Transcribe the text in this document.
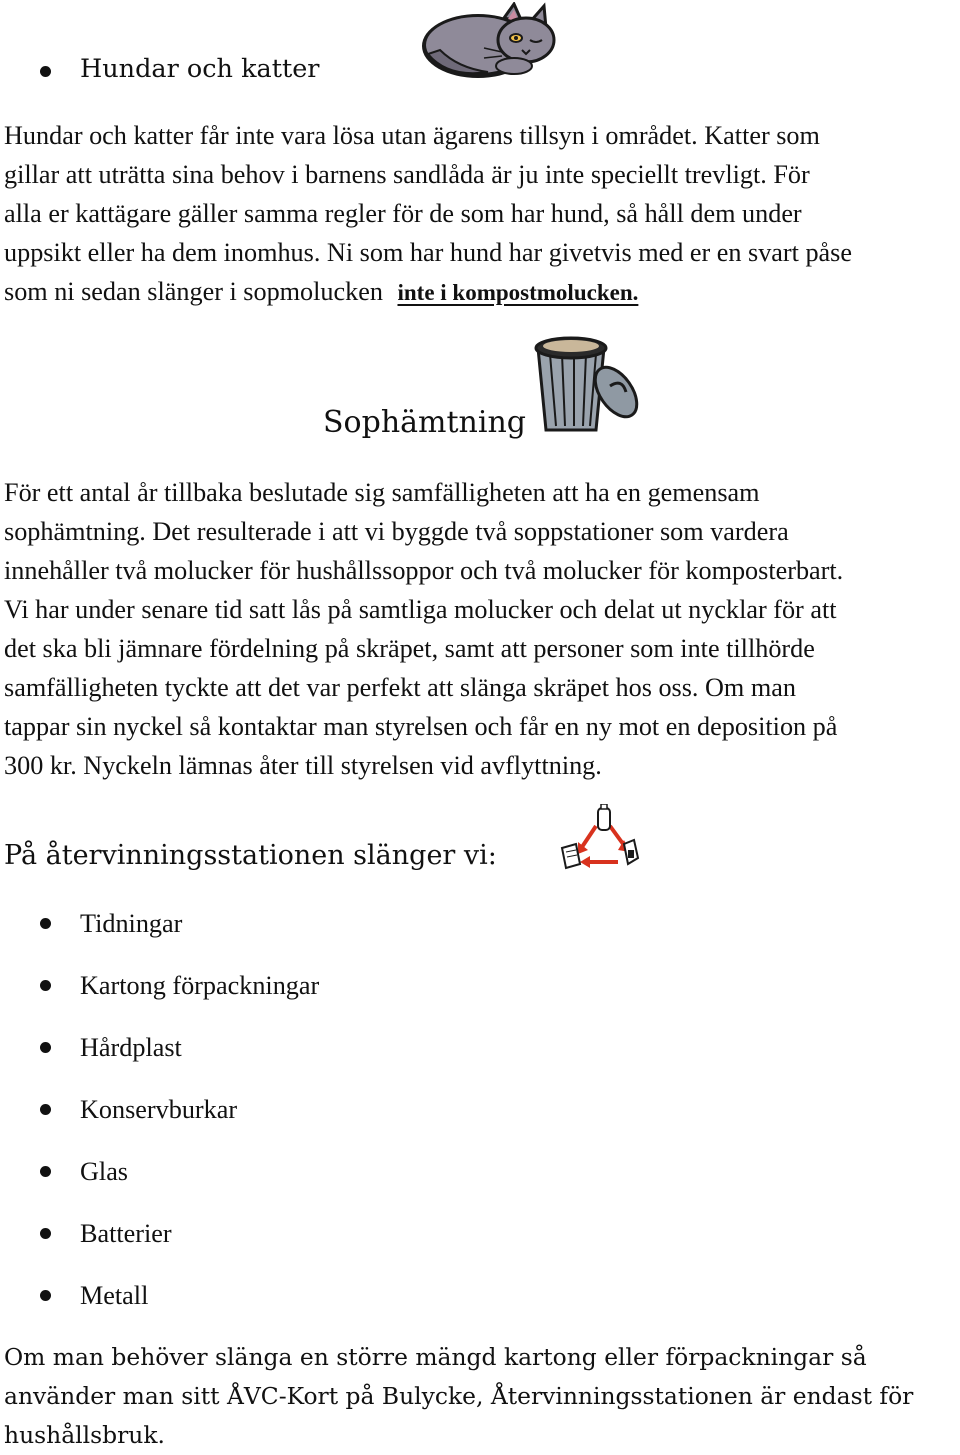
Hundar och katter
Hundar och katter får inte vara lösa utan ägarens tillsyn i området. Katter som
gillar att uträtta sina behov i barnens sandlåda är ju inte speciellt trevligt. För
alla er kattägare gäller samma regler för de som har hund, så håll dem under
uppsikt eller ha dem inomhus. Ni som har hund har givetvis med er en svart påse
som ni sedan slänger i sopmolucken inte i kompostmolucken.
Sophämtning
För ett antal år tillbaka beslutade sig samfälligheten att ha en gemensam
sophämtning. Det resulterade i att vi byggde två soppstationer som vardera
innehåller två molucker för hushållssoppor och två molucker för komposterbart.
Vi har under senare tid satt lås på samtliga molucker och delat ut nycklar för att
det ska bli jämnare fördelning på skräpet, samt att personer som inte tillhörde
samfälligheten tyckte att det var perfekt att slänga skräpet hos oss. Om man
tappar sin nyckel så kontaktar man styrelsen och får en ny mot en deposition på
300 kr. Nyckeln lämnas åter till styrelsen vid avflyttning.
På återvinningsstationen slänger vi:
Tidningar
Kartong förpackningar
Hårdplast
Konservburkar
Glas
Batterier
Metall
Om man behöver slänga en större mängd kartong eller förpackningar så
använder man sitt ÅVC-Kort på Bulycke, Återvinningsstationen är endast för
hushållsbruk.
